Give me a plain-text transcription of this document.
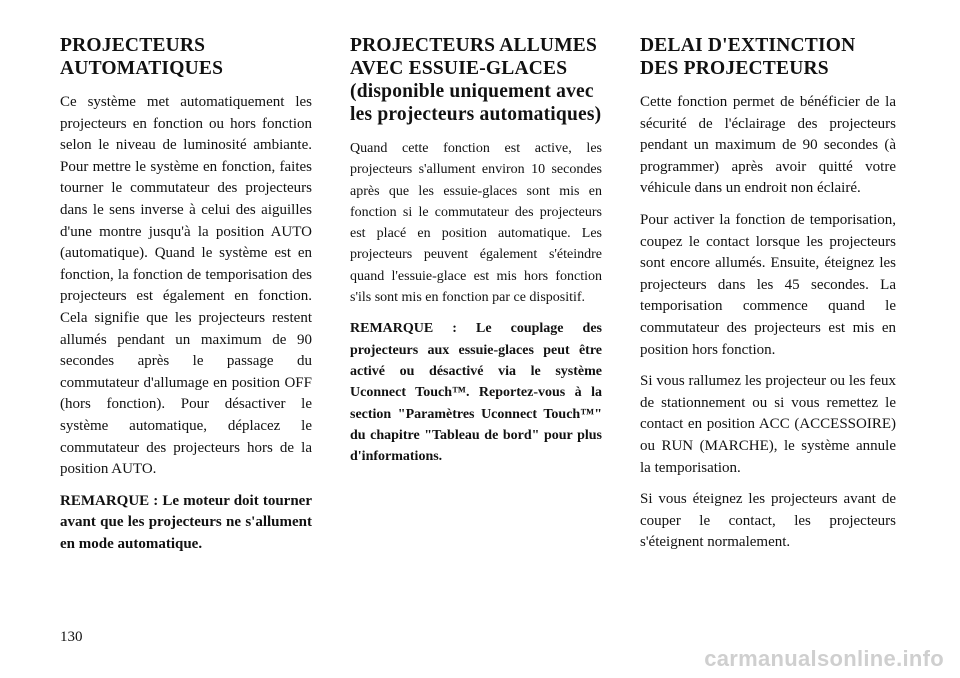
PROJECTEURS AUTOMATIQUES

Ce système met automatiquement les projecteurs en fonction ou hors fonction selon le niveau de luminosité ambiante. Pour mettre le système en fonction, faites tourner le commutateur des projecteurs dans le sens inverse à celui des aiguilles d'une montre jusqu'à la position AUTO (automatique). Quand le système est en fonction, la fonction de temporisation des projecteurs est également en fonction. Cela signifie que les projecteurs restent allumés pendant un maximum de 90 secondes après le passage du commutateur d'allumage en position OFF (hors fonction). Pour désactiver le système automatique, déplacez le commutateur des projecteurs hors de la position AUTO.

REMARQUE : Le moteur doit tourner avant que les projecteurs ne s'allument en mode automatique.

PROJECTEURS ALLUMES AVEC ESSUIE-GLACES (disponible uniquement avec les projecteurs automatiques)

Quand cette fonction est active, les projecteurs s'allument environ 10 secondes après que les essuie-glaces sont mis en fonction si le commutateur des projecteurs est placé en position automatique. Les projecteurs peuvent également s'éteindre quand l'essuie-glace est mis hors fonction s'ils sont mis en fonction par ce dispositif.

REMARQUE : Le couplage des projecteurs aux essuie-glaces peut être activé ou désactivé via le système Uconnect Touch™. Reportez-vous à la section "Paramètres Uconnect Touch™" du chapitre "Tableau de bord" pour plus d'informations.

DELAI D'EXTINCTION DES PROJECTEURS

Cette fonction permet de bénéficier de la sécurité de l'éclairage des projecteurs pendant un maximum de 90 secondes (à programmer) après avoir quitté votre véhicule dans un endroit non éclairé.

Pour activer la fonction de temporisation, coupez le contact lorsque les projecteurs sont encore allumés. Ensuite, éteignez les projecteurs dans les 45 secondes. La temporisation commence quand le commutateur des projecteurs est mis en position hors fonction.

Si vous rallumez les projecteur ou les feux de stationnement ou si vous remettez le contact en position ACC (ACCESSOIRE) ou RUN (MARCHE), le système annule la temporisation.

Si vous éteignez les projecteurs avant de couper le contact, les projecteurs s'éteignent normalement.

130
carmanualsonline.info
